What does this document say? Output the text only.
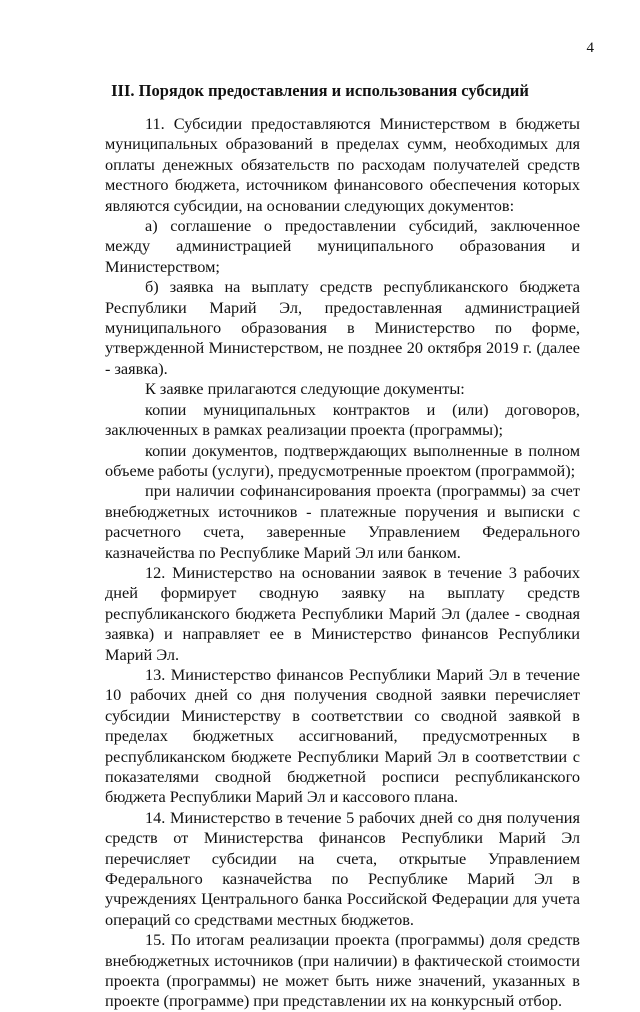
4
III. Порядок предоставления и использования субсидий

11. Субсидии предоставляются Министерством в бюджеты муниципальных образований в пределах сумм, необходимых для оплаты денежных обязательств по расходам получателей средств местного бюджета, источником финансового обеспечения которых являются субсидии, на основании следующих документов:

а) соглашение о предоставлении субсидий, заключенное между администрацией муниципального образования и Министерством;

б) заявка на выплату средств республиканского бюджета Республики Марий Эл, предоставленная администрацией муниципального образования в Министерство по форме, утвержденной Министерством, не позднее 20 октября 2019 г. (далее - заявка).

К заявке прилагаются следующие документы:

копии муниципальных контрактов и (или) договоров, заключенных в рамках реализации проекта (программы);

копии документов, подтверждающих выполненные в полном объеме работы (услуги), предусмотренные проектом (программой);

при наличии софинансирования проекта (программы) за счет внебюджетных источников - платежные поручения и выписки с расчетного счета, заверенные Управлением Федерального казначейства по Республике Марий Эл или банком.

12. Министерство на основании заявок в течение 3 рабочих дней формирует сводную заявку на выплату средств республиканского бюджета Республики Марий Эл (далее - сводная заявка) и направляет ее в Министерство финансов Республики Марий Эл.

13. Министерство финансов Республики Марий Эл в течение 10 рабочих дней со дня получения сводной заявки перечисляет субсидии Министерству в соответствии со сводной заявкой в пределах бюджетных ассигнований, предусмотренных в республиканском бюджете Республики Марий Эл в соответствии с показателями сводной бюджетной росписи республиканского бюджета Республики Марий Эл и кассового плана.

14. Министерство в течение 5 рабочих дней со дня получения средств от Министерства финансов Республики Марий Эл перечисляет субсидии на счета, открытые Управлением Федерального казначейства по Республике Марий Эл в учреждениях Центрального банка Российской Федерации для учета операций со средствами местных бюджетов.

15. По итогам реализации проекта (программы) доля средств внебюджетных источников (при наличии) в фактической стоимости проекта (программы) не может быть ниже значений, указанных в проекте (программе) при представлении их на конкурсный отбор.
